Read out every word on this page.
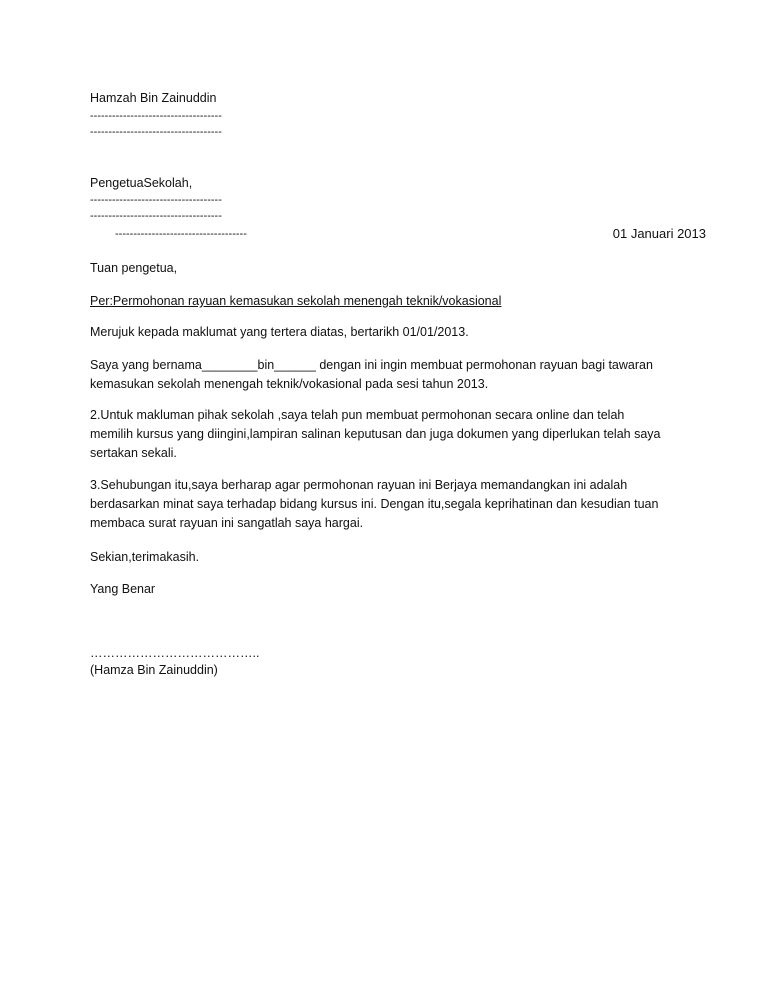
Hamzah Bin Zainuddin
------------------------------------
------------------------------------
PengetuaSekolah,
------------------------------------
------------------------------------
------------------------------------	01 Januari 2013
Tuan pengetua,
Per:Permohonan rayuan kemasukan sekolah menengah teknik/vokasional
Merujuk kepada maklumat yang tertera diatas, bertarikh 01/01/2013.
Saya yang bernama________bin______ dengan ini ingin membuat permohonan rayuan bagi tawaran
kemasukan sekolah menengah teknik/vokasional pada sesi tahun 2013.
2.Untuk makluman pihak sekolah ,saya telah pun membuat permohonan secara online dan telah
memilih kursus yang diingini,lampiran salinan keputusan dan juga dokumen yang diperlukan telah saya
sertakan sekali.
3.Sehubungan itu,saya berharap agar permohonan rayuan ini Berjaya memandangkan ini adalah
berdasarkan minat saya terhadap bidang kursus ini. Dengan itu,segala keprihatinan dan kesudian tuan
membaca surat rayuan ini sangatlah saya hargai.
Sekian,terimakasih.
Yang Benar
…………………………………..
(Hamza Bin Zainuddin)
